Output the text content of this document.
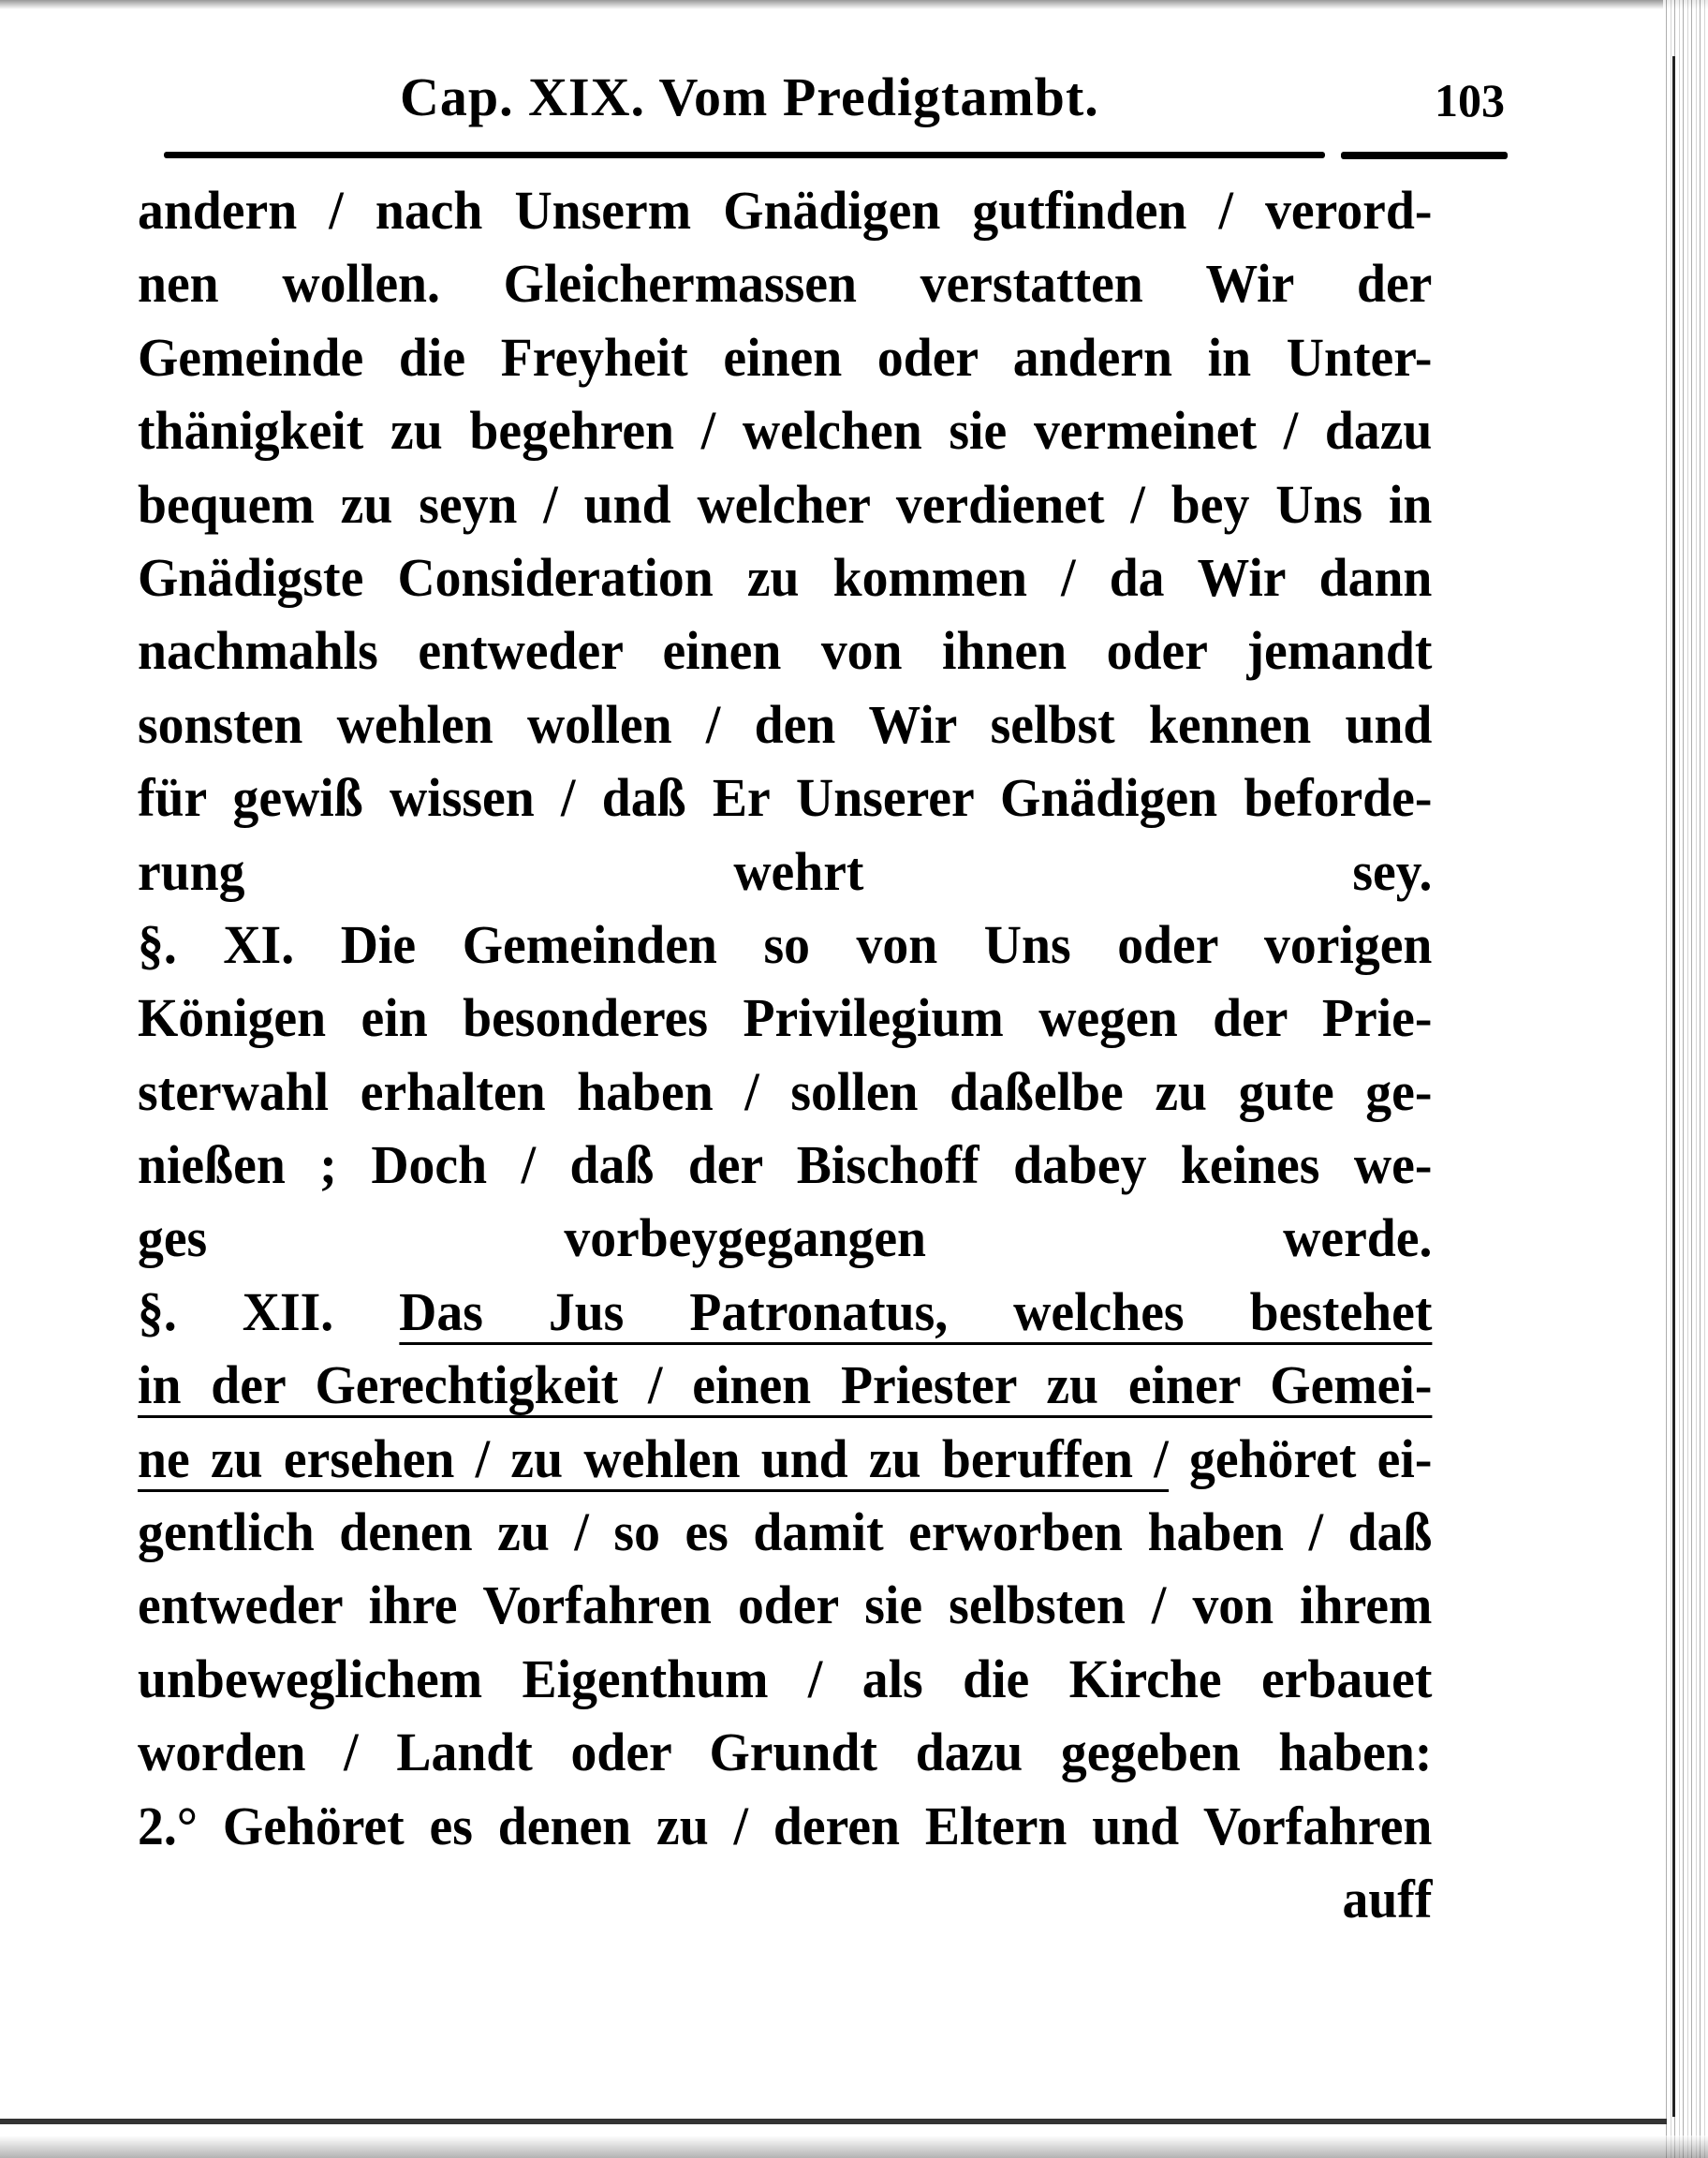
Cap. XIX. Vom Predigtambt.	103
andern / nach Unserm Gnädigen gutfinden / verord-
nen wollen. Gleichermassen verstatten Wir der
Gemeinde die Freyheit einen oder andern in Unter-
thänigkeit zu begehren / welchen sie vermeinet / dazu
bequem zu seyn / und welcher verdienet / bey Uns in
Gnädigste Consideration zu kommen / da Wir dann
nachmahls entweder einen von ihnen oder jemandt
sonsten wehlen wollen / den Wir selbst kennen und
für gewiß wissen / daß Er Unserer Gnädigen beforde-
rung wehrt sey.
§. XI. Die Gemeinden so von Uns oder vorigen
Königen ein besonderes Privilegium wegen der Prie-
sterwahl erhalten haben / sollen daßelbe zu gute ge-
nießen ; Doch / daß der Bischoff dabey keines we-
ges vorbeygegangen werde.
§. XII. Das Jus Patronatus, welches bestehet
in der Gerechtigkeit / einen Priester zu einer Gemei-
ne zu ersehen / zu wehlen und zu beruffen / gehöret ei-
gentlich denen zu / so es damit erworben haben / daß
entweder ihre Vorfahren oder sie selbsten / von ihrem
unbeweglichem Eigenthum / als die Kirche erbauet
worden / Landt oder Grundt dazu gegeben haben:
2.° Gehöret es denen zu / deren Eltern und Vorfahren
auff
